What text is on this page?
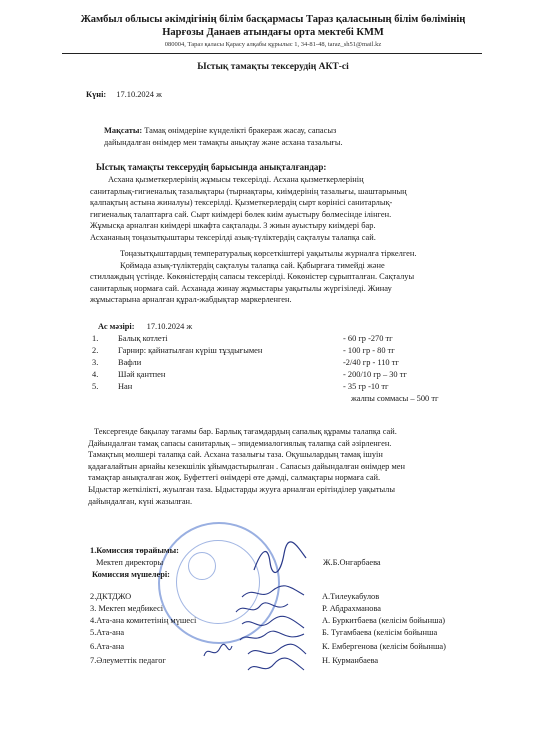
Жамбыл облысы әкімдігінің білім басқармасы Тараз қаласының білім бөлімінің
Нарғозы Данаев атындағы орта мектебі КММ
080004, Тараз қаласы Қарасу алқабы құрылыс 1, 34-81-48, taraz_sh51@mail.kz
Ыстық тамақты тексерудің АКТ-сі
Күні: 17.10.2024 ж
Мақсаты: Тамақ өнімдеріне күнделікті бракераж жасау, сапасыз
дайындалған өнімдер мен тамақты анықтау және асхана тазалығы.
Ыстық тамақты тексерудің барысында анықталғандар:
Асхана қызметкерлерінің жұмысы тексерілді. Асхана қызметкерлерінің
санитарлық-гигиеналық тазалықтары (тырнақтары, киімдерінің тазалығы, шаштарының
қалпақтың астына жиналуы) тексерілді. Қызметкерлердің сырт көрінісі санитарлық-
гигиеналық талаптарға сай. Сырт киімдері бөлек киім ауыстыру бөлмесінде ілінген.
Жұмысқа арналған киімдері шкафта сақталады. 3 жиын ауыстыру киімдері бар.
Асхананың тоңазытқыштары тексерілді азық-түліктердің сақталуы талапқа сай.
Тоңазытқыштардың температуралық көрсеткіштері уақытылы журналға тіркелген.
Қоймада азық-түліктердің сақталуы талапқа сай. Қабырғаға тимейді және
стиллаждың үстінде. Көкөністердің сапасы тексерілді. Көкөністер сұрыпталған. Сақталуы
санитарлық нормаға сай. Асханада жинау жұмыстары уақытылы жүргізіледі. Жинау
жұмыстарына арналған құрал-жабдықтар маркерленген.
Ас мәзірі: 17.10.2024 ж
1. Балық котлеті	- 60 гр -270 тг
2. Гарнир: қайнатылған күріш тұздығымен	- 100 гр - 80 тг
3. Вафли	-2/40 гр - 110 тг
4. Шәй қантпен	- 200/10 гр – 30 тг
5. Нан	- 35 гр -10 тг
жалпы соммасы – 500 тг
Тексергенде бақылау тағамы бар. Барлық тағамдардың сапалық құрамы талапқа сай.
Дайындалған тамақ сапасы санитарлық – эпидемиалогиялық талапқа сай әзірленген.
Тамақтың мөлшері талапқа сай. Асхана тазалығы таза. Оқушылардың тамақ ішуін
қадағалайтын арнайы кезекшілік ұйымдастырылған . Сапасыз дайындалған өнімдер мен
тамақтар анықталған жоқ. Буфеттегі өнімдері өте дәмді, салмақтары нормаға сай.
Ыдыстар жеткілікті, жуылған таза. Ыдыстарды жууға арналған ерітінділер уақытылы
дайындалған, күні жазылған.
1.Комиссия төрайымы:
Мектеп директоры	Ж.Б.Онгарбаева
Комиссия мүшелері:
2.ДКТДЖО	А.Тилеукабулов
3. Мектеп медбикесі	Р. Абдрахманова
4.Ата-ана комитетінің мүшесі	А. Буркитбаева (келісім бойынша)
5.Ата-ана	Б. Тугамбаева (келісім бойынша
6.Ата-ана	К. Ембергенова (келісім бойынша)
7.Әлеуметтік педагог	Н. Курманбаева
